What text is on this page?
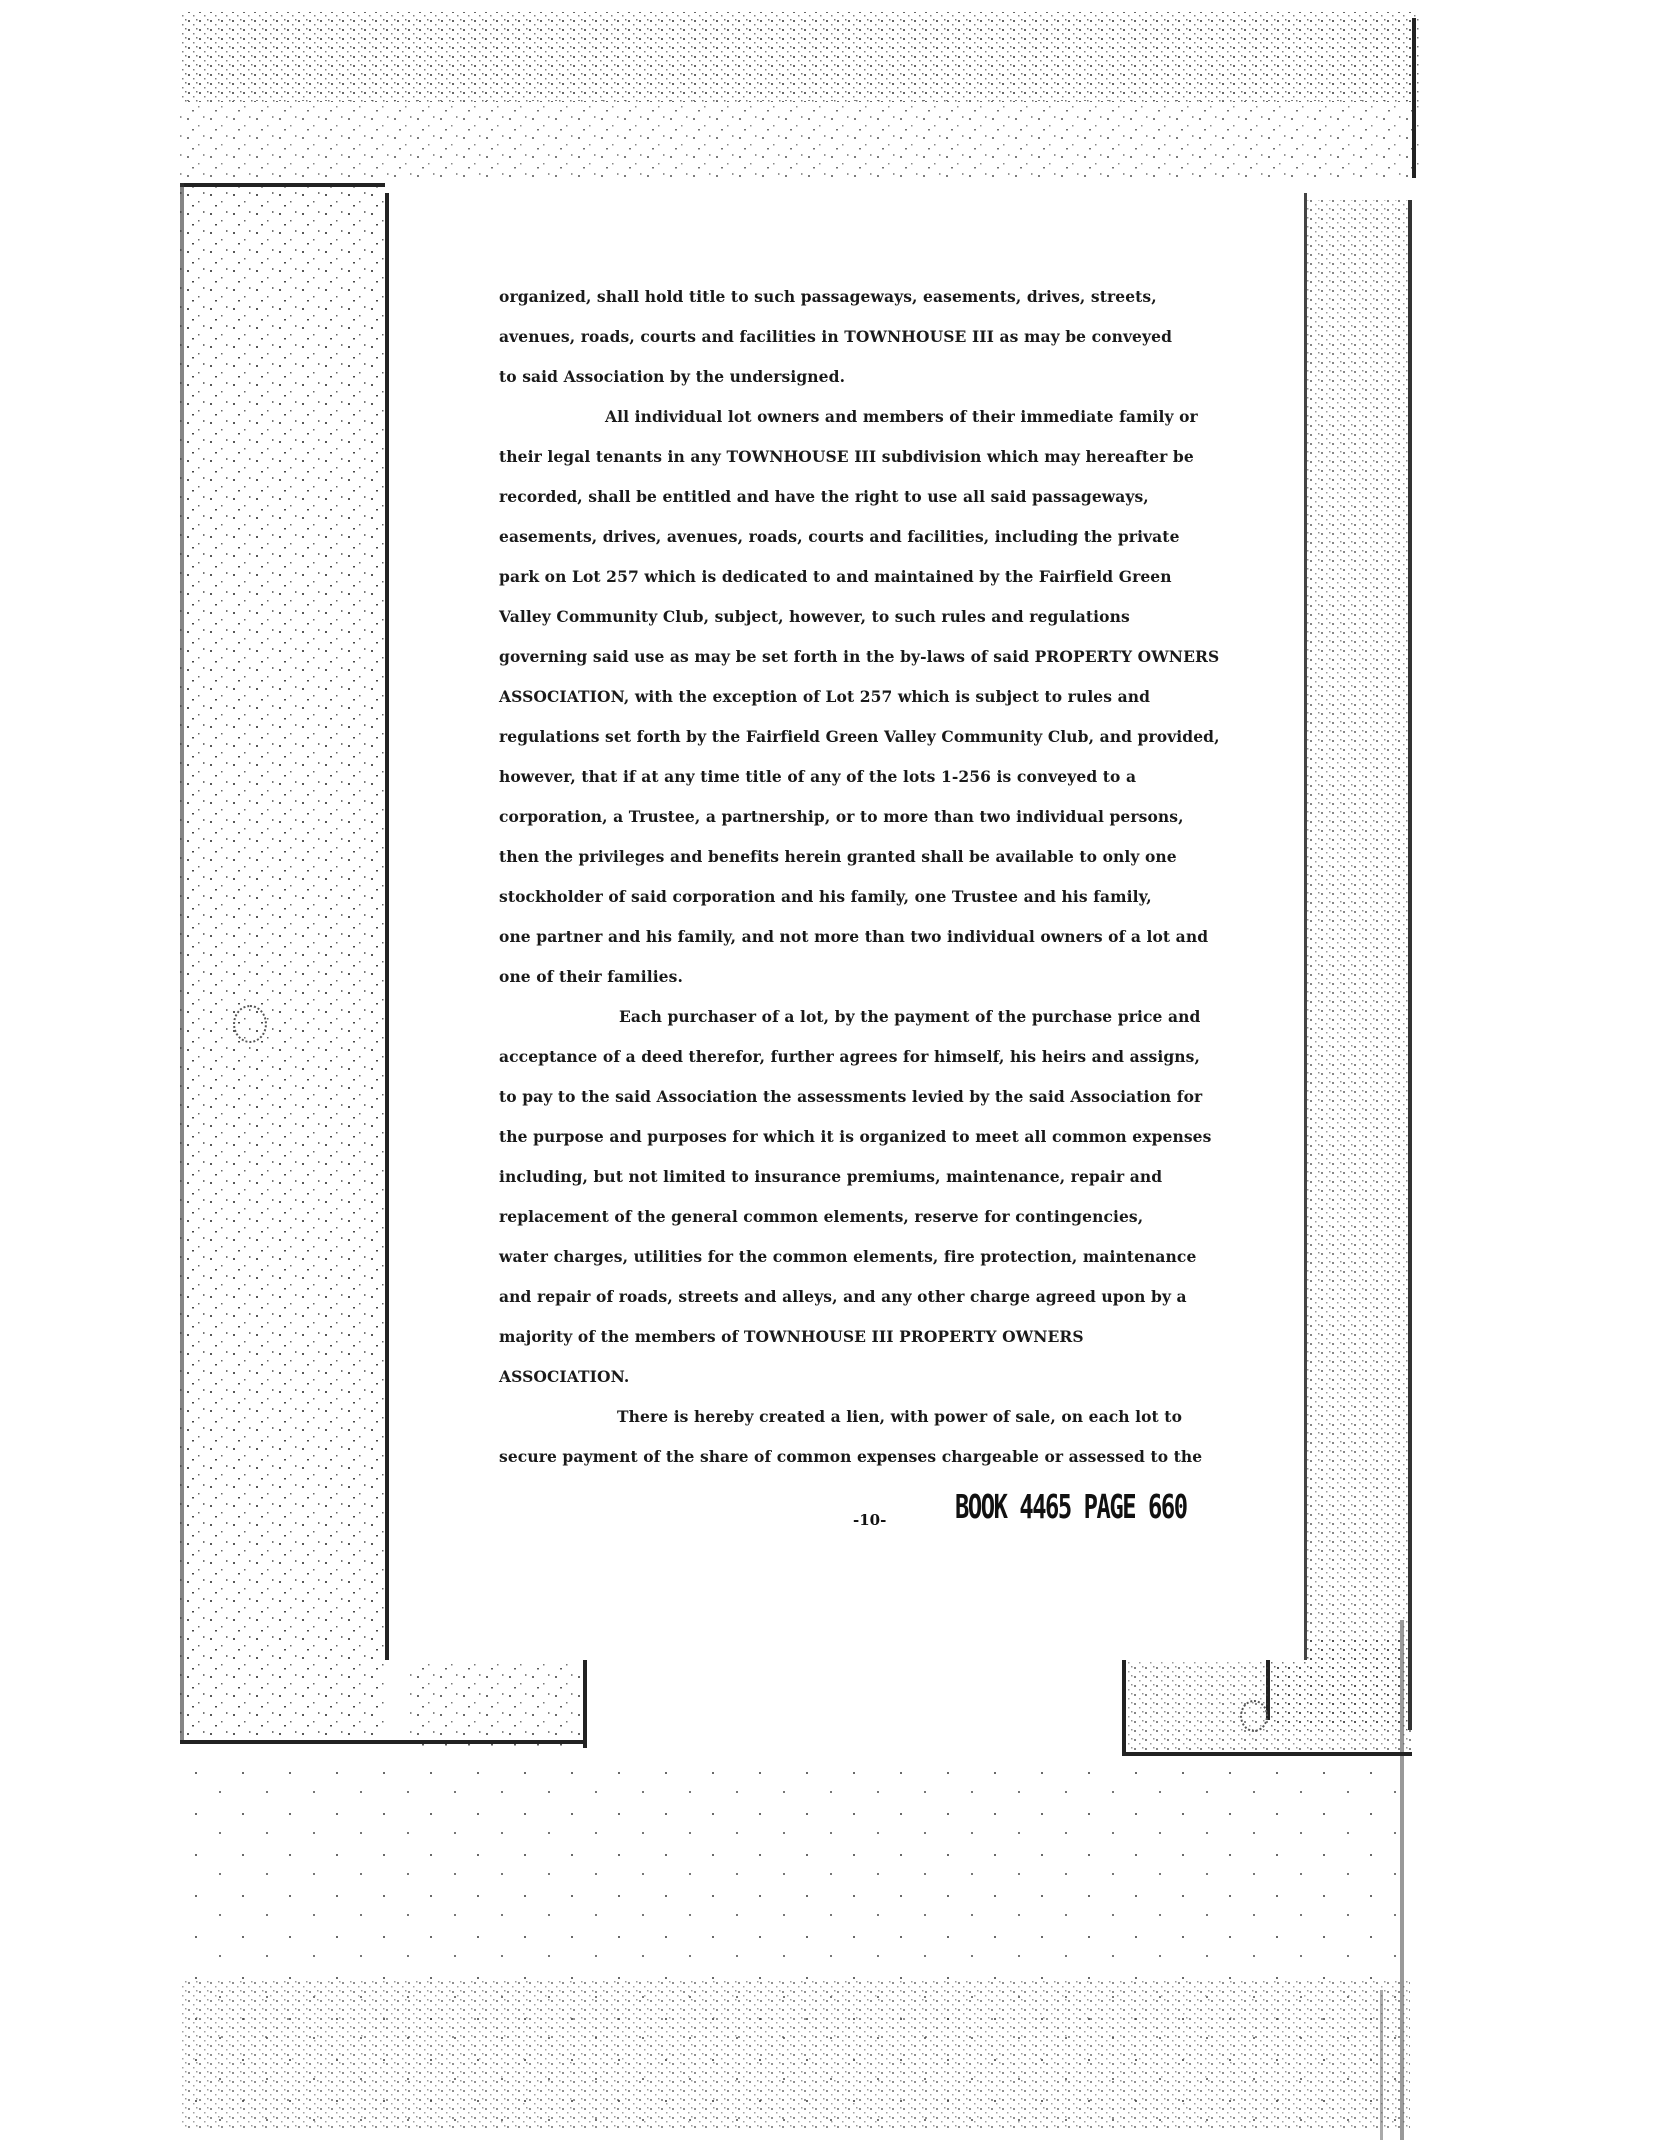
organized, shall hold title to such passageways, easements, drives, streets,
avenues, roads, courts and facilities in TOWNHOUSE III as may be conveyed
to said Association by the undersigned.
All individual lot owners and members of their immediate family or
their legal tenants in any TOWNHOUSE III subdivision which may hereafter be
recorded, shall be entitled and have the right to use all said passageways,
easements, drives, avenues, roads, courts and facilities, including the private
park on Lot 257 which is dedicated to and maintained by the Fairfield Green
Valley Community Club, subject, however, to such rules and regulations
governing said use as may be set forth in the by-laws of said PROPERTY OWNERS
ASSOCIATION, with the exception of Lot 257 which is subject to rules and
regulations set forth by the Fairfield Green Valley Community Club, and provided,
however, that if at any time title of any of the lots 1-256 is conveyed to a
corporation, a Trustee, a partnership, or to more than two individual persons,
then the privileges and benefits herein granted shall be available to only one
stockholder of said corporation and his family, one Trustee and his family,
one partner and his family, and not more than two individual owners of a lot and
one of their families.
Each purchaser of a lot, by the payment of the purchase price and
acceptance of a deed therefor, further agrees for himself, his heirs and assigns,
to pay to the said Association the assessments levied by the said Association for
the purpose and purposes for which it is organized to meet all common expenses
including, but not limited to insurance premiums, maintenance, repair and
replacement of the general common elements, reserve for contingencies,
water charges, utilities for the common elements, fire protection, maintenance
and repair of roads, streets and alleys, and any other charge agreed upon by a
majority of the members of TOWNHOUSE III PROPERTY OWNERS
ASSOCIATION.
There is hereby created a lien, with power of sale, on each lot to
secure payment of the share of common expenses chargeable or assessed to the
-10- BOOK 4465 PAGE 660
